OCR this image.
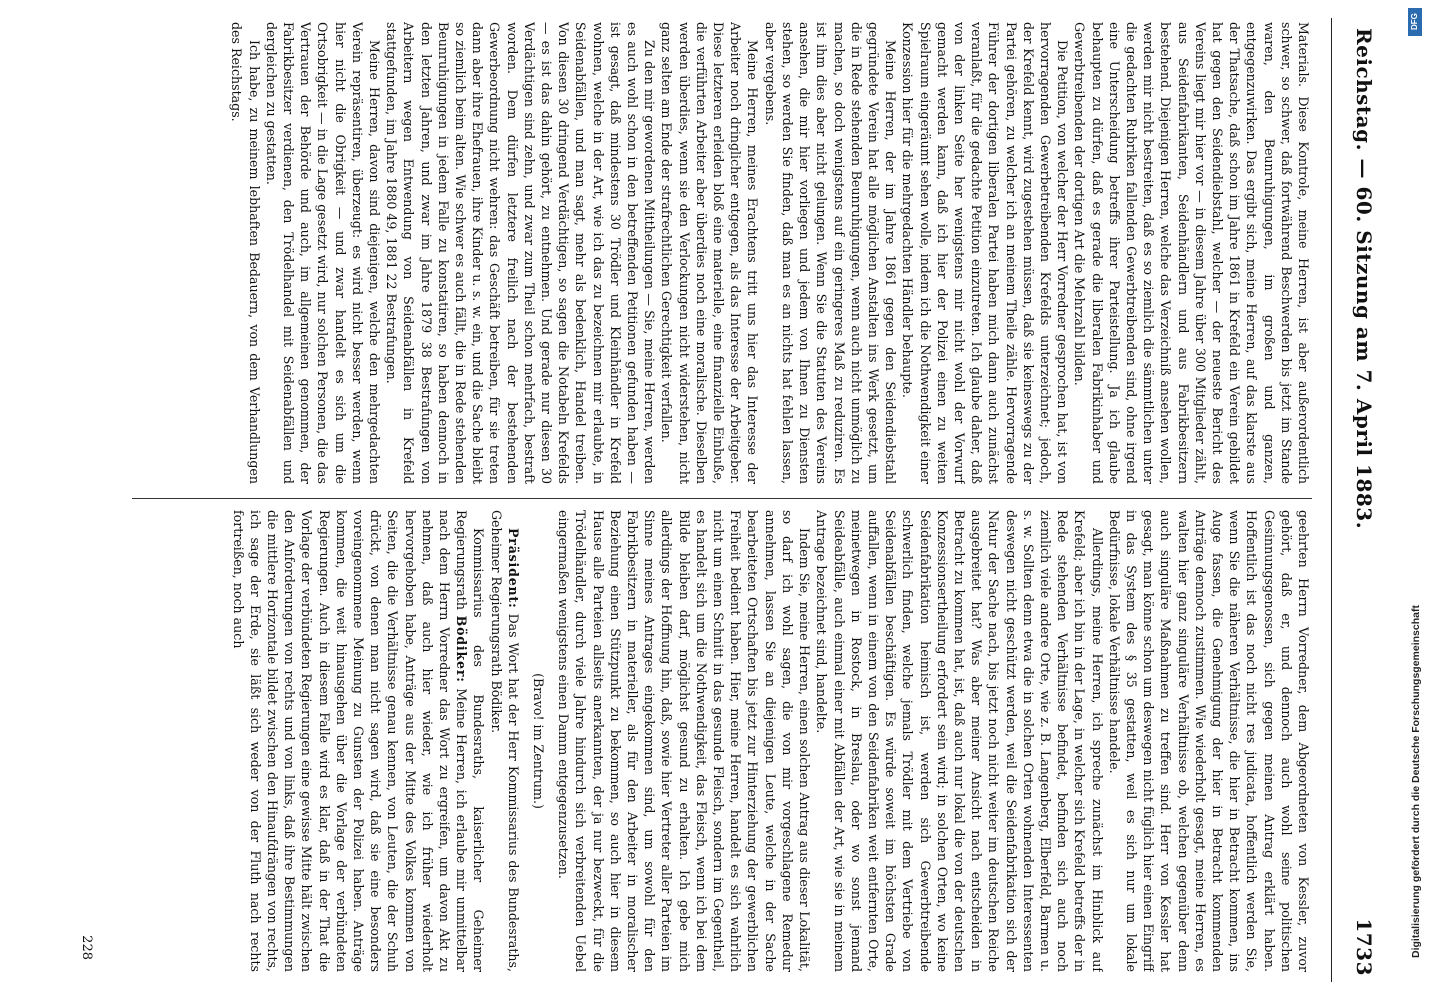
Reichstag. — 60. Sitzung am 7. April 1883.
1733

Materials. Diese Kontrole, meine Herren, ist aber außerordentlich schwer, so schwer, daß fortwährend Beschwerden bis jetzt im Stande waren, den Beunruhigungen, im großen und ganzen, entgegenzuwirken. Das ergibt sich, meine Herren, auf das klarste aus der Thatsache, daß schon im Jahre 1861 in Krefeld ein Verein gebildet hat gegen den Seidendiebstahl, welcher — der neueste Bericht des Vereins liegt mir hier vor — in diesem Jahre über 300 Mitglieder zählt, aus Seidenfabrikanten, Seidenhändlern und aus Fabrikbesitzern bestehend. Diejenigen Herren, welche das Verzeichniß ansehen wollen, werden mir nicht bestreiten, daß es so ziemlich die sämmtlichen unter die gedachten Rubriken fallenden Gewerbtreibenden sind, ohne irgend eine Unterscheidung betreffs ihrer Parteistellung. Ja ich glaube behaupten zu dürfen, daß es gerade die liberalen Fabrikinhaber und Gewerbtreibenden der dortigen Art die Mehrzahl bilden.

Die Petition, von welcher der Herr Vorredner gesprochen hat, ist von hervorragenden Gewerbetreibenden Krefelds unterzeichnet; jedoch, der Krefeld kennt, wird zugestehen müssen, daß sie keineswegs zu der Partei gehören, zu welcher ich an meinem Theile zähle. Hervorragende Führer der dortigen liberalen Partei haben mich dann auch zunächst veranlaßt, für die gedachte Petition einzutreten. Ich glaube daher, daß von der linken Seite her wenigstens mir nicht wohl der Vorwurf gemacht werden kann, daß ich hier der Polizei einen zu weiten Spielraum eingeräumt sehen wolle, indem ich die Nothwendigkeit einer Konzession hier für die mehrgedachten Händler behaupte.

Meine Herren, der im Jahre 1861 gegen den Seidendiebstahl gegründete Verein hat alle möglichen Anstalten ins Werk gesetzt, um die in Rede stehenden Beunruhigungen, wenn auch nicht unmöglich zu machen, so doch wenigstens auf ein geringeres Maß zu reduziren. Es ist ihm dies aber nicht gelungen. Wenn Sie die Statuten des Vereins ansehen, die mir hier vorliegen und jedem von Ihnen zu Diensten stehen, so werden Sie finden, daß man es an nichts hat fehlen lassen, aber vergebens.

Meine Herren, meines Erachtens tritt uns hier das Interesse der Arbeiter noch dringlicher entgegen, als das Interesse der Arbeitgeber. Diese letzteren erleiden bloß eine materielle, eine finanzielle Einbuße, die verführten Arbeiter aber überdies noch eine moralische. Dieselben werden überdies, wenn sie den Verlockungen nicht widerstehen, nicht ganz selten am Ende der strafrechtlichen Gerechtigkeit verfallen.

Zu den mir gewordenen Mittheilungen — Sie, meine Herren, werden es auch wohl schon in den betreffenden Petitionen gefunden haben — ist gesagt, daß mindestens 30 Trödler und Kleinhändler in Krefeld wohnen, welche in der Art, wie ich das zu bezeichnen mir erlaubte, in Seidenabfällen, und man sagt, mehr als bedenklich, Handel treiben. Von diesen 30 dringend Verdächtigen, so sagen die Notabeln Krefelds — es ist das dahin gehört, zu entnehmen. Und gerade nur diesen 30 Verdächtigen sind zehn, und zwar zum Theil schon mehrfach, bestraft worden. Dem dürfen letztere freilich nach der bestehenden Gewerbeordnung nicht wehren: das Geschäft betreiben, für sie treten dann aber ihre Ehefrauen, ihre Kinder u. s. w. ein, und die Sache bleibt so ziemlich beim alten. Wie schwer es auch fällt, die in Rede stehenden Beunruhigungen in jedem Falle zu konstatiren, so haben dennoch in den letzten Jahren, und zwar im Jahre 1879 38 Bestrafungen von Arbeitern wegen Entwendung von Seidenabfällen in Krefeld stattgefunden, im Jahre 1880 49, 1881 22 Bestrafungen.

Meine Herren, davon sind diejenigen, welche den mehrgedachten Verein repräsentiren, überzeugt: es wird nicht besser werden, wenn hier nicht die Obrigkeit — und zwar handelt es sich um die Ortsobrigkeit — in die Lage gesetzt wird, nur solchen Personen, die das Vertrauen der Behörde und auch, im allgemeinen genommen, der Fabrikbesitzer verdienen, den Trödelhandel mit Seidenabfällen und dergleichen zu gestatten.

Ich habe, zu meinem lebhaften Bedauern, von dem Verhandlungen des Reichstags.

geehrten Herrn Vorredner, dem Abgeordneten von Kessler, zuvor gehört, daß er, und dennoch auch wohl seine politischen Gesinnungsgenossen, sich gegen meinen Antrag erklärt haben. Hoffentlich ist das noch nicht res judicata, hoffentlich werden Sie, wenn Sie die näheren Verhältnisse, die hier in Betracht kommen, ins Auge fassen, die Genehmigung der hier in Betracht kommenden Anträge dennoch zustimmen. Wie wiederholt gesagt, meine Herren, es walten hier ganz singuläre Verhältnisse ob, welchen gegenüber denn auch singuläre Maßnahmen zu treffen sind. Herr von Kessler hat gesagt, man könne schon um deswegen nicht füglich hier einen Eingriff in das System des § 35 gestatten, weil es sich nur um lokale Bedürfnisse, lokale Verhältnisse handele.

Allerdings, meine Herren, ich spreche zunächst im Hinblick auf Krefeld; aber ich bin in der Lage, in welcher sich Krefeld betreffs der in Rede stehenden Verhältnisse befindet, befinden sich auch noch ziemlich viele andere Orte, wie z. B. Langenberg, Elberfeld, Barmen u. s. w. Sollten denn etwa die in solchen Orten wohnenden Interessenten deswegen nicht geschützt werden, weil die Seidenfabrikation sich der Natur der Sache nach, bis jetzt noch nicht weiter im deutschen Reiche ausgebreitet hat? Was aber meiner Ansicht nach entscheiden in Betracht zu kommen hat, ist, daß auch nur lokal die von der deutschen Konzessionsertheilung erfordert sein wird; in solchen Orten, wo keine Seidenfabrikation heimisch ist, werden sich Gewerbtreibende schwerlich finden, welche jemals Trödler mit dem Vertriebe von Seidenabfällen beschäftigen. Es würde soweit im höchsten Grade auffallen, wenn in einem von den Seidenfabriken weit entfernten Orte, meinetwegen in Rostock, in Breslau, oder wo sonst jemand Seideabfälle, auch einmal einer mit Abfällen der Art, wie sie in meinem Antrage bezeichnet sind, handelte.

Indem Sie, meine Herren, einen solchen Antrag aus dieser Lokalität, so darf ich wohl sagen, die von mir vorgeschlagene Remedur annehmen, lassen Sie an diejenigen Leute, welche in der Sache bearbeiteten Ortschaften bis jetzt zur Hinterziehung der gewerblichen Freiheit bedient haben. Hier, meine Herren, handelt es sich wahrlich nicht um einen Schnitt in das gesunde Fleisch, sondern im Gegentheil, es handelt sich um die Nothwendigkeit, das Fleisch, wenn ich bei dem Bilde bleiben darf, möglichst gesund zu erhalten. Ich gebe mich allerdings der Hoffnung hin, daß, sowie hier Vertreter aller Parteien im Sinne meines Antrages eingekommen sind, um sowohl für den Fabrikbesitzern in materieller, als für den Arbeiter in moralischer Beziehung einen Stützpunkt zu bekommen, so auch hier in diesem Hause alle Parteien allseits anerkannten, der ja nur bezweckt, für die Trödelhändler, durch viele Jahre hindurch sich verbreitenden Uebel eingermaßen wenigstens einen Damm entgegenzusetzen.

(Bravo! im Zentrum.)

Präsident: Das Wort hat der Herr Kommissarius des Bundesraths, Geheimer Regierungsrath Bödiker.

Kommissarius des Bundesraths, kaiserlicher Geheimer Regierungsrath Bödiker: Meine Herren, ich erlaube mir unmittelbar nach dem Herrn Vorredner das Wort zu ergreifen, um davon Akt zu nehmen, daß auch hier wieder, wie ich früher wiederholt hervorgehoben habe, Anträge aus der Mitte des Volkes kommen von Seiten, die die Verhältnisse genau kennen, von Leuten, die der Schuh drückt, von denen man nicht sagen wird, daß sie eine besonders voreingenommene Meinung zu Gunsten der Polizei haben. Anträge kommen, die weit hinausgehen über die Vorlage der verbündeten Regierungen. Auch in diesem Falle wird es klar, daß in der That die Vorlage der verbündeten Regierungen eine gewisse Mitte hält zwischen den Anforderungen von rechts und von links, daß ihre Bestimmungen die mittlere Horizontale bildet zwischen den Hinaufdrängen von rechts, ich sage der Erde, sie läßt sich weder von der Fluth nach rechts fortreißen, noch auch

228
DFG
Digitalisierung gefördert durch die Deutsche Forschungsgemeinschaft
